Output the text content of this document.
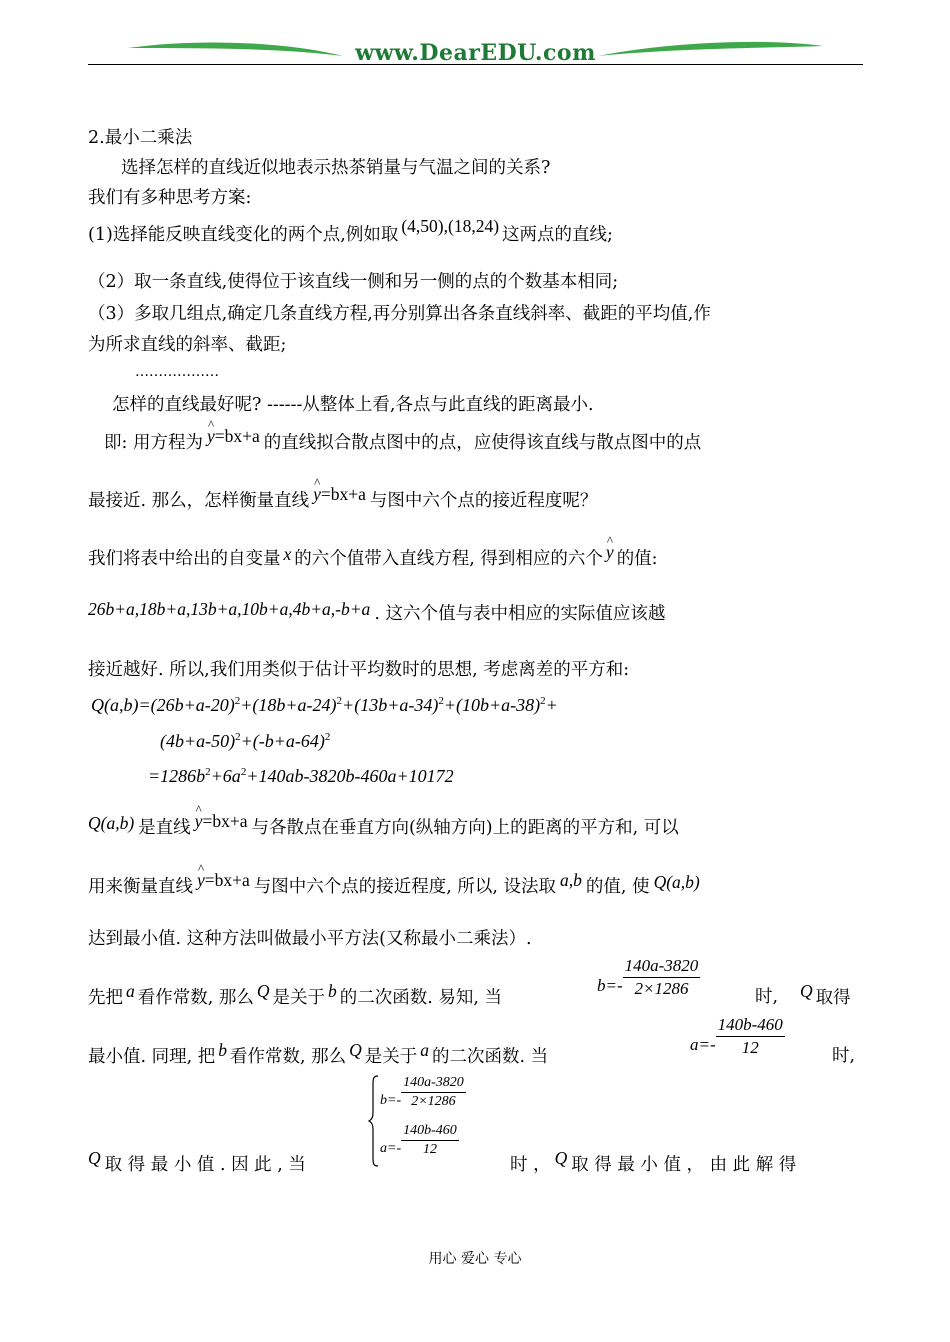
www.DearEDU.com
2.最小二乘法
选择怎样的直线近似地表示热茶销量与气温之间的关系?
我们有多种思考方案:
(1)选择能反映直线变化的两个点,例如取 (4,50),(18,24) 这两点的直线;
（2）取一条直线,使得位于该直线一侧和另一侧的点的个数基本相同;
（3）多取几组点,确定几条直线方程,再分别算出各条直线斜率、截距的平均值,作
为所求直线的斜率、截距;
………………
怎样的直线最好呢? ------从整体上看,各点与此直线的距离最小.
即: 用方程为 ^ y=bx+a 的直线拟合散点图中的点，应使得该直线与散点图中的点
最接近. 那么，怎样衡量直线 ^ y=bx+a 与图中六个点的接近程度呢？
我们将表中给出的自变量 x 的六个值带入直线方程, 得到相应的六个 ^ y 的值:
26b+a,18b+a,13b+a,10b+a,4b+a,-b+a . 这六个值与表中相应的实际值应该越
接近越好. 所以,我们用类似于估计平均数时的思想, 考虑离差的平方和:
$Q(a,b)=(26b+a-20)^2+(18b+a-24)^2+(13b+a-34)^2+(10b+a-38)^2+$
$(4b+a-50)^2+(-b+a-64)^2$
$=1286b^2+6a^2+140ab-3820b-460a+10172$
Q(a,b) 是直线 ^ y=bx+a 与各散点在垂直方向(纵轴方向)上的距离的平方和, 可以
用来衡量直线 ^ y=bx+a 与图中六个点的接近程度, 所以, 设法取 a,b 的值, 使 Q(a,b)
达到最小值. 这种方法叫做最小平方法(又称最小二乘法）.
先把 a 看作常数, 那么 Q 是关于 b 的二次函数. 易知, 当
$b=- \frac{140a-3820}{2\times 1286}$	时, Q 取得
最小值. 同理, 把 b 看作常数, 那么 Q 是关于 a 的二次函数. 当
$a=- \frac{140b-460}{12}$	时,
$b=- \frac{140a-3820}{2\times 1286}$
$a=- \frac{140b-460}{12}$
Q 取 得 最 小 值 . 因 此 , 当	时 ， Q 取 得 最 小 值 ， 由 此 解 得
用心 爱心 专心
